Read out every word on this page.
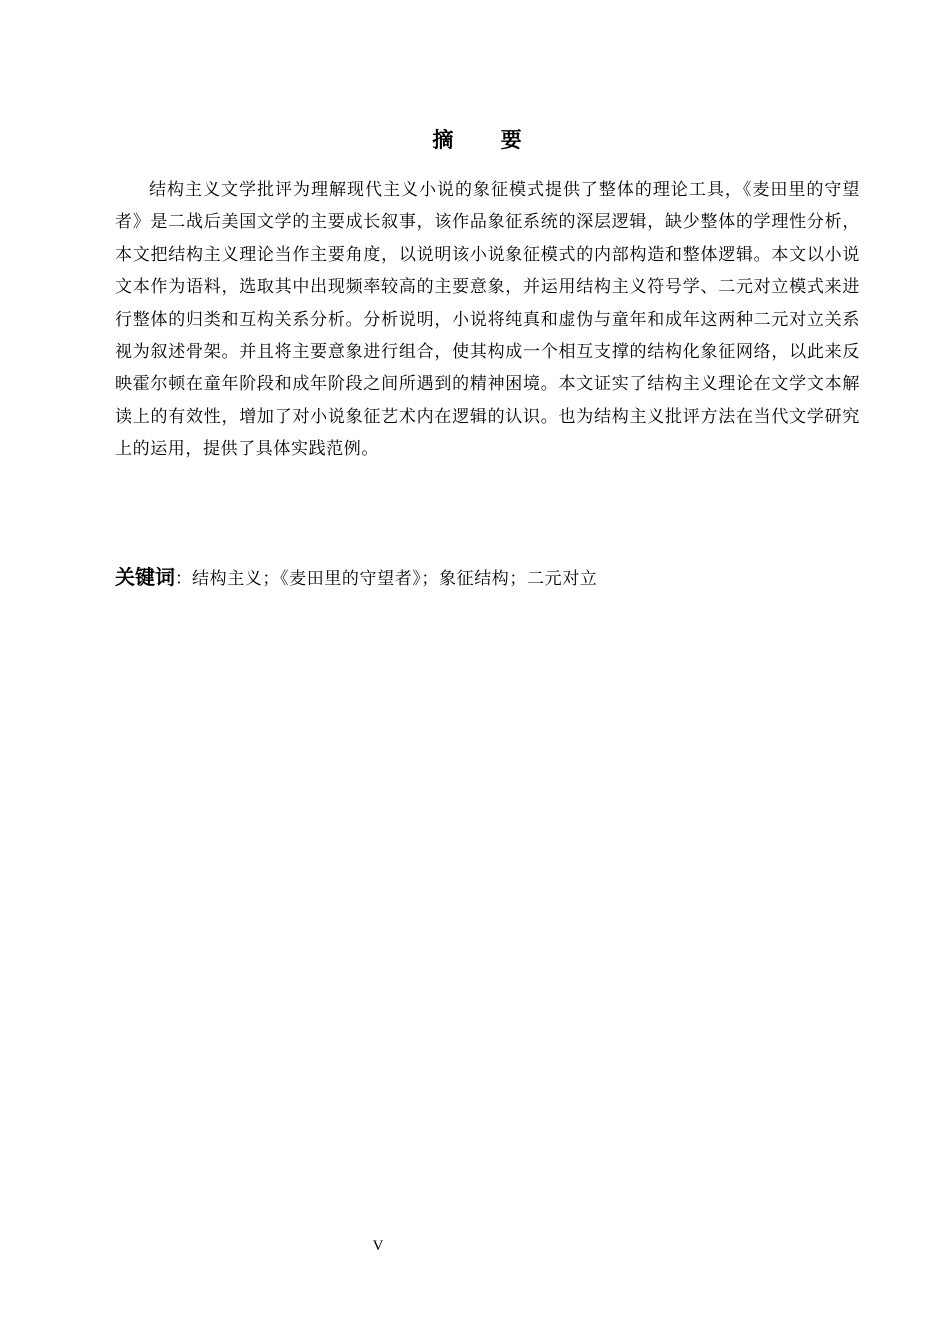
摘 要

结构主义文学批评为理解现代主义小说的象征模式提供了整体的理论工具，《麦田里的守望者》是二战后美国文学的主要成长叙事，该作品象征系统的深层逻辑，缺少整体的学理性分析，本文把结构主义理论当作主要角度，以说明该小说象征模式的内部构造和整体逻辑。本文以小说文本作为语料，选取其中出现频率较高的主要意象，并运用结构主义符号学、二元对立模式来进行整体的归类和互构关系分析。分析说明，小说将纯真和虚伪与童年和成年这两种二元对立关系视为叙述骨架。并且将主要意象进行组合，使其构成一个相互支撑的结构化象征网络，以此来反映霍尔顿在童年阶段和成年阶段之间所遇到的精神困境。本文证实了结构主义理论在文学文本解读上的有效性，增加了对小说象征艺术内在逻辑的认识。也为结构主义批评方法在当代文学研究上的运用，提供了具体实践范例。

关键词：结构主义；《麦田里的守望者》；象征结构；二元对立
V
